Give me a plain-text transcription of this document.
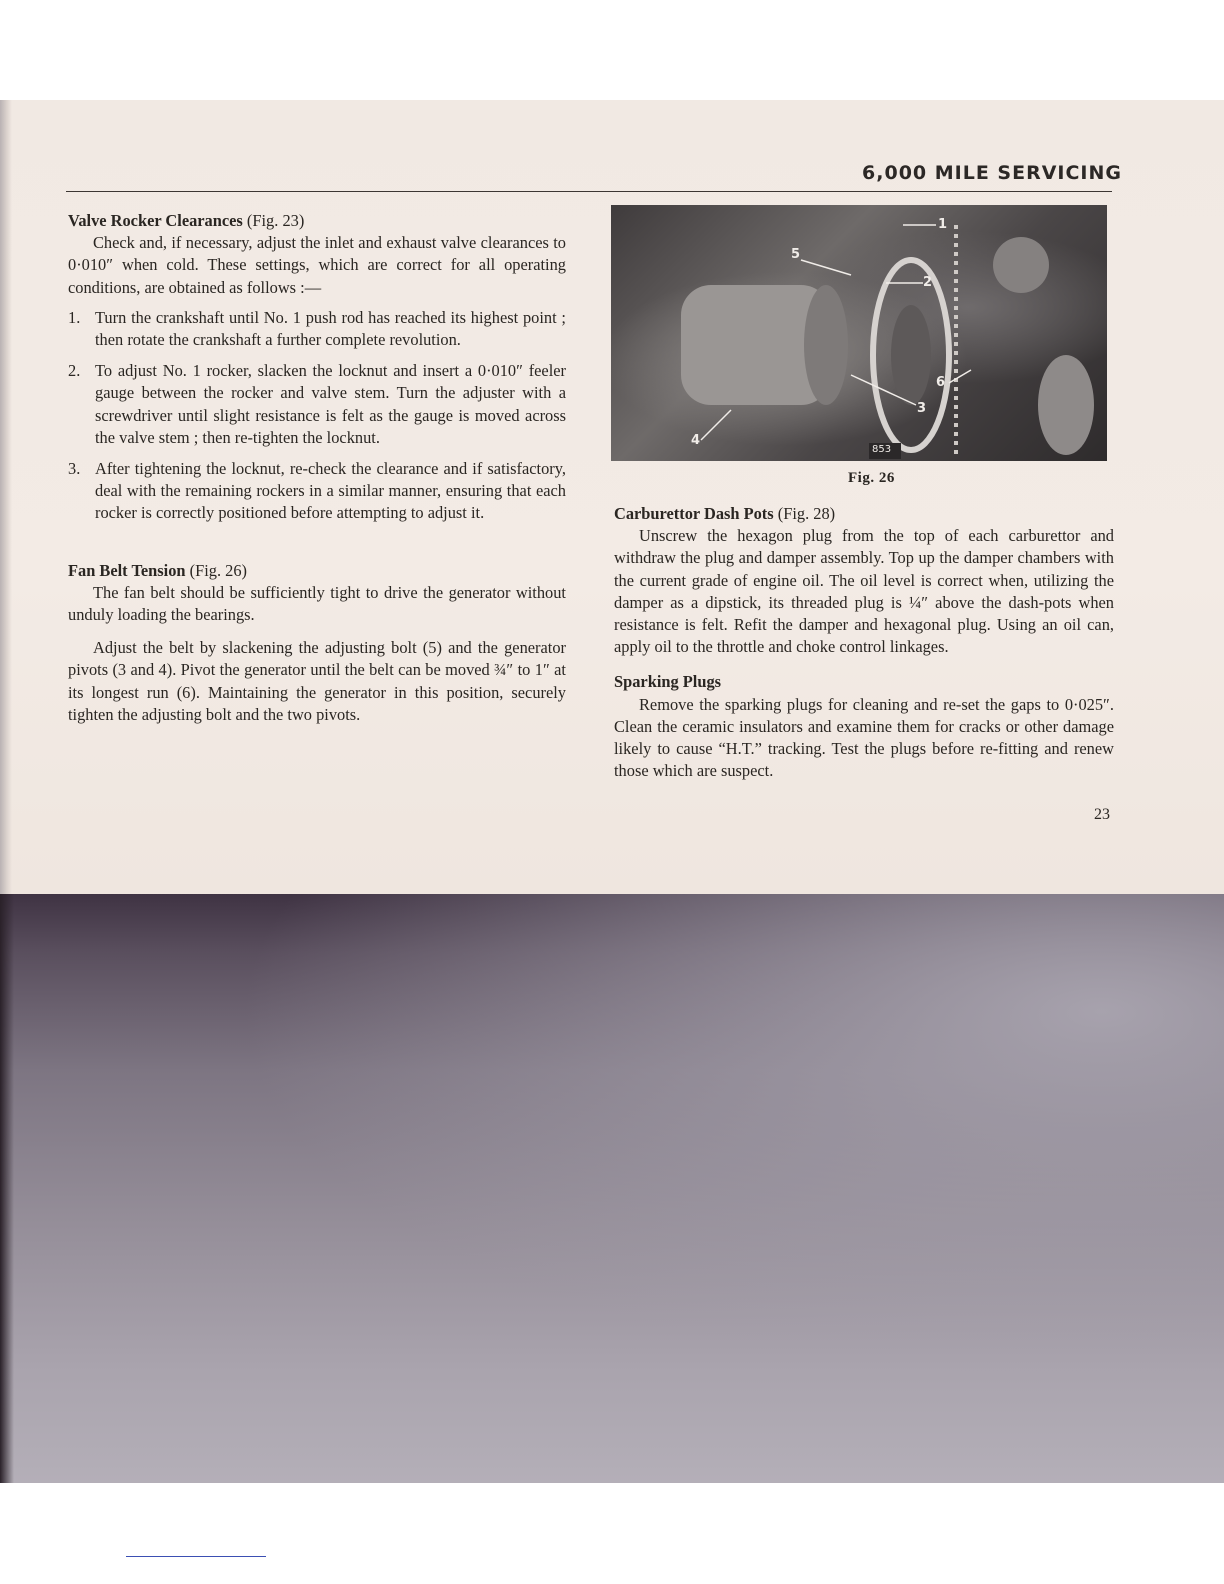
6,000 MILE SERVICING

Valve Rocker Clearances (Fig. 23)

Check and, if necessary, adjust the inlet and exhaust valve clearances to 0·010″ when cold. These settings, which are correct for all operating conditions, are obtained as follows :—

1. Turn the crankshaft until No. 1 push rod has reached its highest point ; then rotate the crankshaft a further complete revolution.
2. To adjust No. 1 rocker, slacken the locknut and insert a 0·010″ feeler gauge between the rocker and valve stem. Turn the adjuster with a screwdriver until slight resistance is felt as the gauge is moved across the valve stem ; then re-tighten the locknut.
3. After tightening the locknut, re-check the clearance and if satisfactory, deal with the remaining rockers in a similar manner, ensuring that each rocker is correctly positioned before attempting to adjust it.

Fan Belt Tension (Fig. 26)

The fan belt should be sufficiently tight to drive the generator without unduly loading the bearings.

Adjust the belt by slackening the adjusting bolt (5) and the generator pivots (3 and 4). Pivot the generator until the belt can be moved ¾″ to 1″ at its longest run (6). Maintaining the generator in this position, securely tighten the adjusting bolt and the two pivots.

1
2
3
4
5
6
853
Fig. 26

Carburettor Dash Pots (Fig. 28)

Unscrew the hexagon plug from the top of each carburettor and withdraw the plug and damper assembly. Top up the damper chambers with the current grade of engine oil. The oil level is correct when, utilizing the damper as a dipstick, its threaded plug is ¼″ above the dash-pots when resistance is felt. Refit the damper and hexagonal plug. Using an oil can, apply oil to the throttle and choke control linkages.

Sparking Plugs

Remove the sparking plugs for cleaning and re-set the gaps to 0·025″. Clean the ceramic insulators and examine them for cracks or other damage likely to cause “H.T.” tracking. Test the plugs before re-fitting and renew those which are suspect.

23
